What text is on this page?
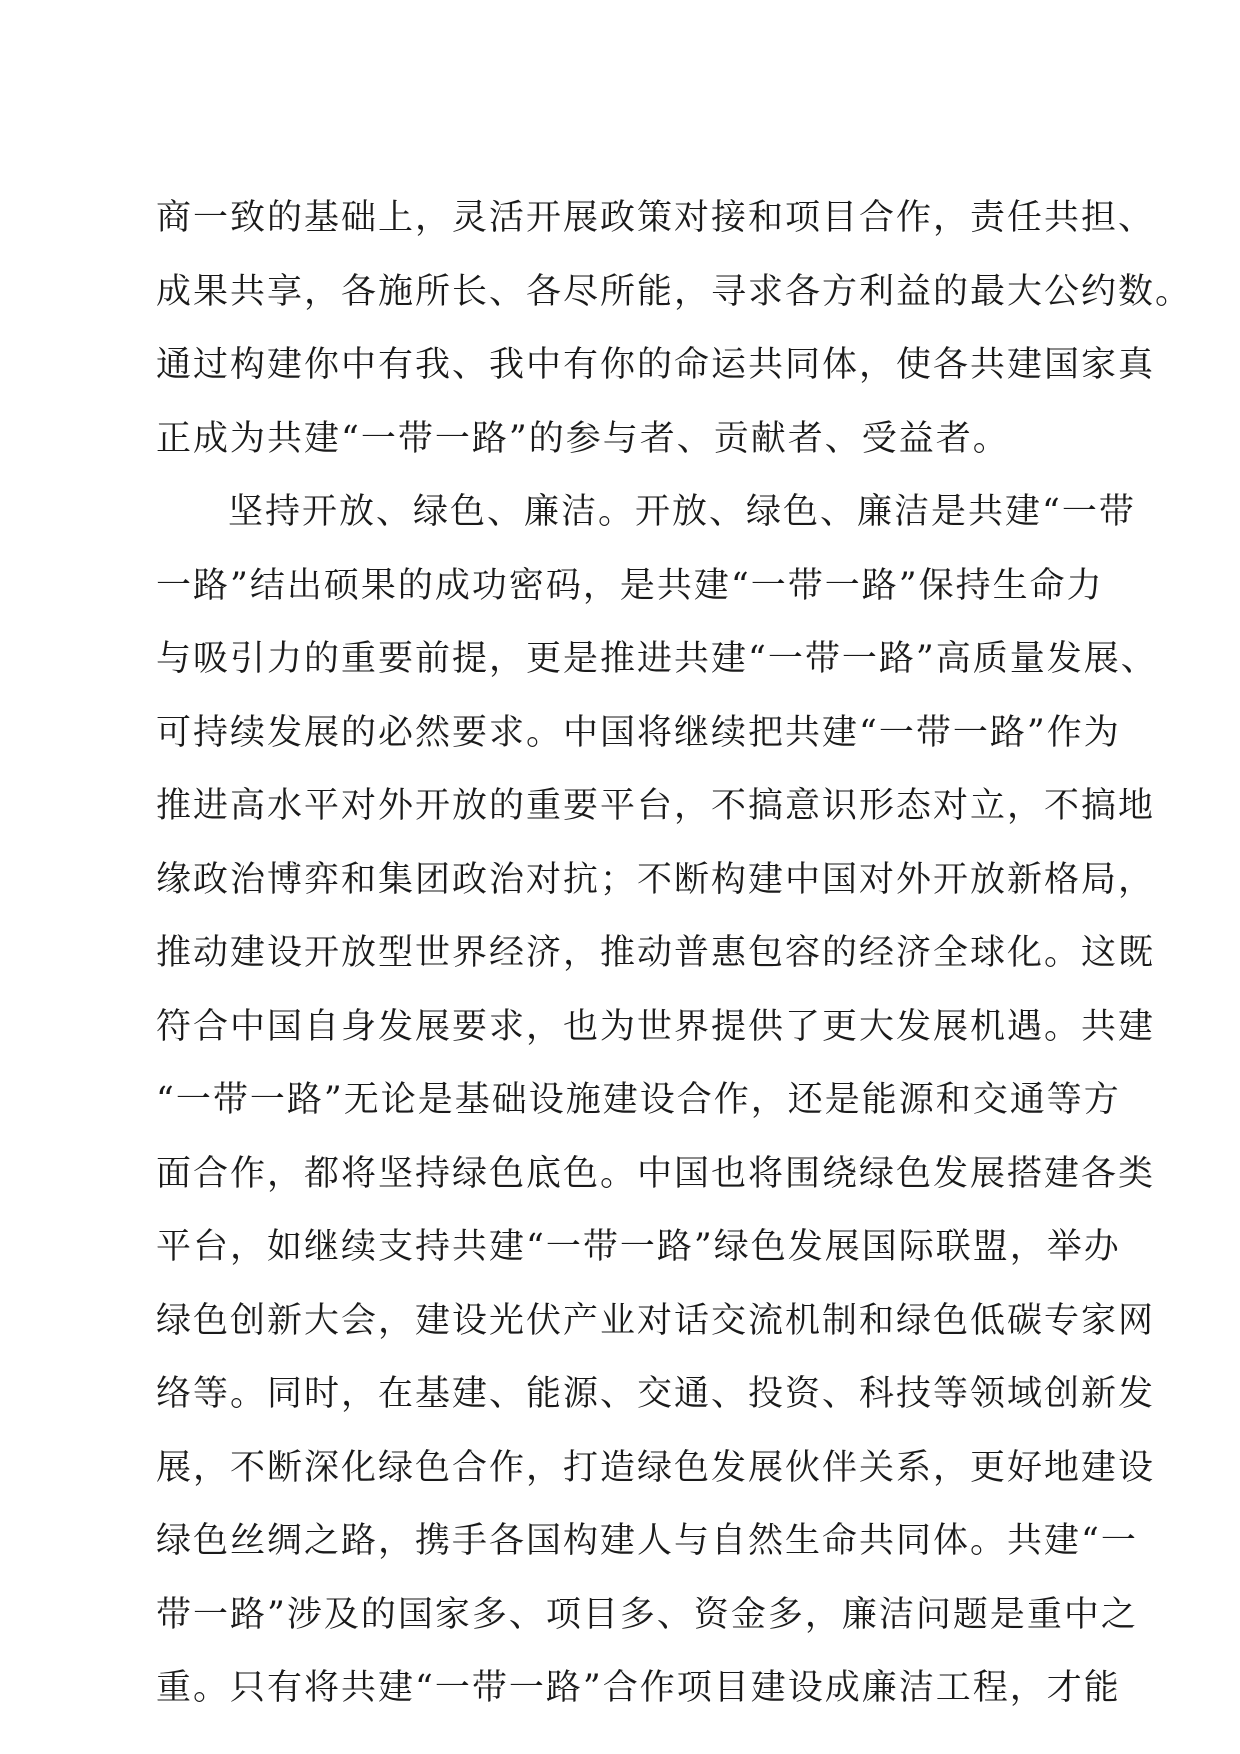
商一致的基础上，灵活开展政策对接和项目合作，责任共担、
成果共享，各施所长、各尽所能，寻求各方利益的最大公约数。
通过构建你中有我、我中有你的命运共同体，使各共建国家真
正成为共建“一带一路”的参与者、贡献者、受益者。
坚持开放、绿色、廉洁。开放、绿色、廉洁是共建“一带
一路”结出硕果的成功密码，是共建“一带一路”保持生命力
与吸引力的重要前提，更是推进共建“一带一路”高质量发展、
可持续发展的必然要求。中国将继续把共建“一带一路”作为
推进高水平对外开放的重要平台，不搞意识形态对立，不搞地
缘政治博弈和集团政治对抗；不断构建中国对外开放新格局，
推动建设开放型世界经济，推动普惠包容的经济全球化。这既
符合中国自身发展要求，也为世界提供了更大发展机遇。共建
“一带一路”无论是基础设施建设合作，还是能源和交通等方
面合作，都将坚持绿色底色。中国也将围绕绿色发展搭建各类
平台，如继续支持共建“一带一路”绿色发展国际联盟，举办
绿色创新大会，建设光伏产业对话交流机制和绿色低碳专家网
络等。同时，在基建、能源、交通、投资、科技等领域创新发
展，不断深化绿色合作，打造绿色发展伙伴关系，更好地建设
绿色丝绸之路，携手各国构建人与自然生命共同体。共建“一
带一路”涉及的国家多、项目多、资金多，廉洁问题是重中之
重。只有将共建“一带一路”合作项目建设成廉洁工程，才能
